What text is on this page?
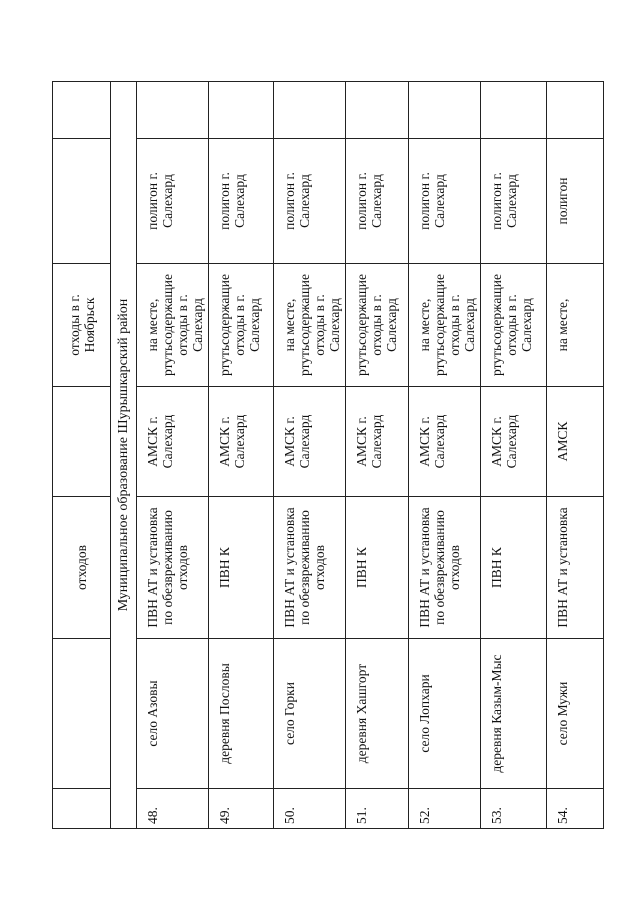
		отходов		отходы в г. Ноябрьск		
Муниципальное образование Шурышкарский район						
48.	село Азовы	ПВН АТ и установка по обезвреживанию отходов	АМСК г. Салехард	на месте, ртутьсодержащие отходы в г. Салехард	полигон г. Салехард	
49.	деревня Пословы	ПВН К	АМСК г. Салехард	ртутьсодержащие отходы в г. Салехард	полигон г. Салехард	
50.	село Горки	ПВН АТ и установка по обезвреживанию отходов	АМСК г. Салехард	на месте, ртутьсодержащие отходы в г. Салехард	полигон г. Салехард	
51.	деревня Хашгорт	ПВН К	АМСК г. Салехард	ртутьсодержащие отходы в г. Салехард	полигон г. Салехард	
52.	село Лопхари	ПВН АТ и установка по обезвреживанию отходов	АМСК г. Салехард	на месте, ртутьсодержащие отходы в г. Салехард	полигон г. Салехард	
53.	деревня Казым-Мыс	ПВН К	АМСК г. Салехард	ртутьсодержащие отходы в г. Салехард	полигон г. Салехард	
54.	село Мужи	ПВН АТ и установка	АМСК	на месте,	полигон	
